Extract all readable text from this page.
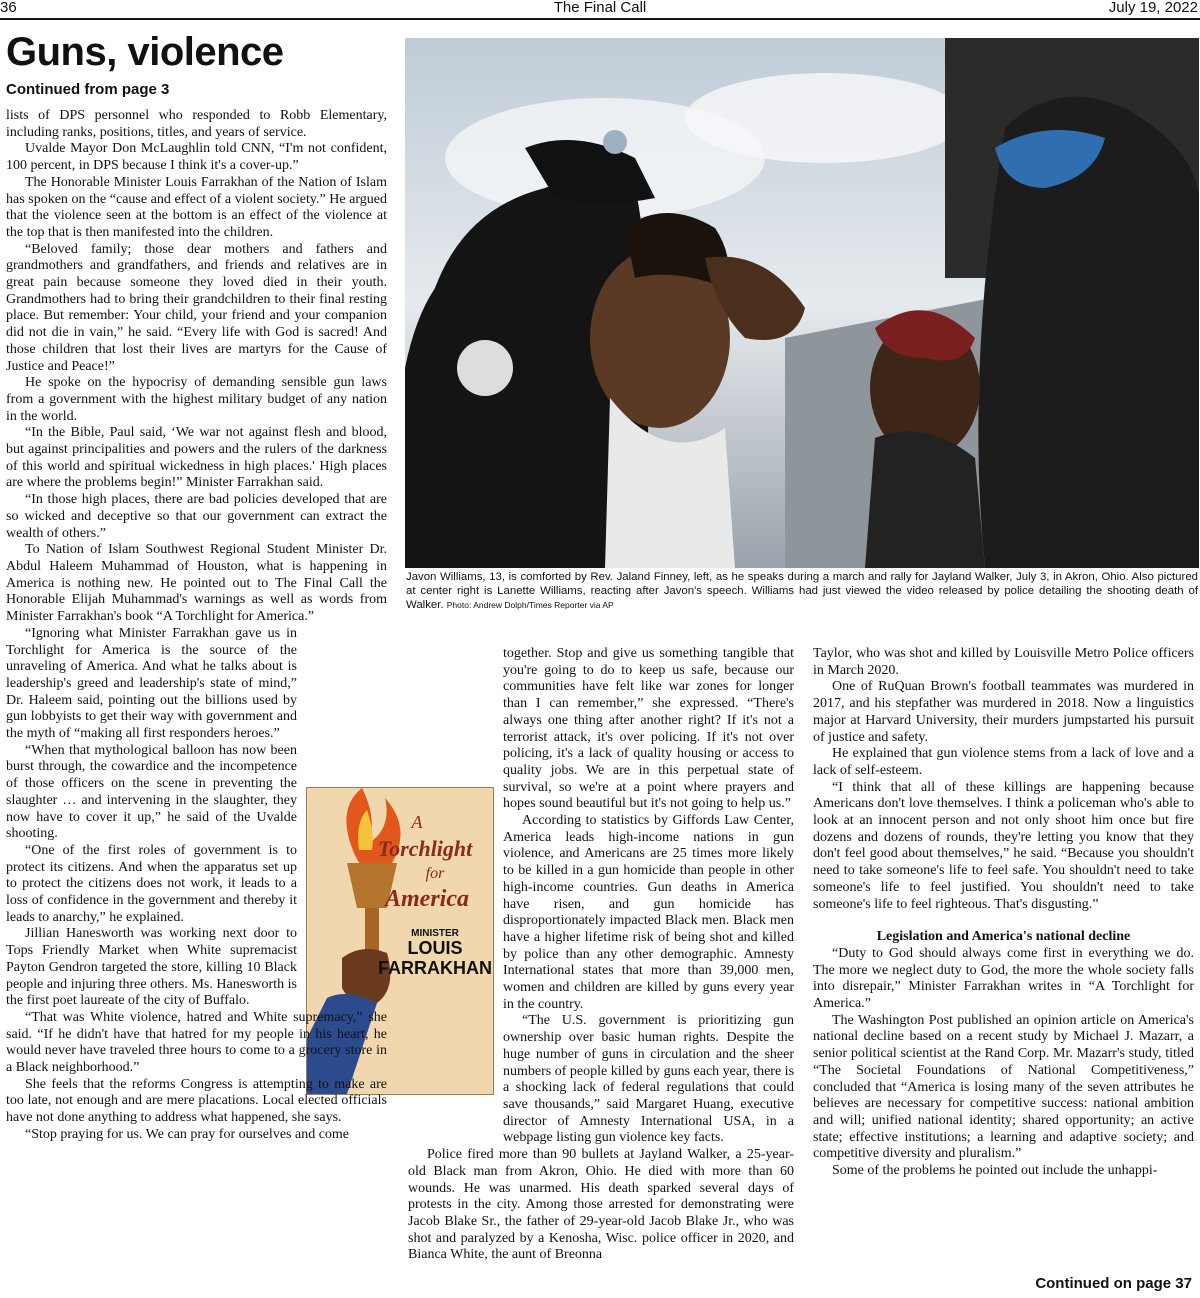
36	The Final Call	July 19, 2022
Guns, violence
Continued from page 3
Javon Williams, 13, is comforted by Rev. Jaland Finney, left, as he speaks during a march and rally for Jayland Walker, July 3, in Akron, Ohio. Also pictured at center right is Lanette Williams, reacting after Javon's speech. Williams had just viewed the video released by police detailing the shooting death of Walker. Photo: Andrew Dolph/Times Reporter via AP
A
Torchlight
for
America
MINISTER
LOUIS
FARRAKHAN

lists of DPS personnel who responded to Robb Elementary, including ranks, positions, titles, and years of service.

Uvalde Mayor Don McLaughlin told CNN, “I'm not confident, 100 percent, in DPS because I think it's a cover-up.”

The Honorable Minister Louis Farrakhan of the Nation of Islam has spoken on the “cause and effect of a violent society.” He argued that the violence seen at the bottom is an effect of the violence at the top that is then manifested into the children.

“Beloved family; those dear mothers and fathers and grandmothers and grandfathers, and friends and relatives are in great pain because someone they loved died in their youth. Grandmothers had to bring their grandchildren to their final resting place. But remember: Your child, your friend and your companion did not die in vain,” he said. “Every life with God is sacred! And those children that lost their lives are martyrs for the Cause of Justice and Peace!”

He spoke on the hypocrisy of demanding sensible gun laws from a government with the highest military budget of any nation in the world.

“In the Bible, Paul said, ‘We war not against flesh and blood, but against principalities and powers and the rulers of the darkness of this world and spiritual wickedness in high places.' High places are where the problems begin!” Minister Farrakhan said.

“In those high places, there are bad policies developed that are so wicked and deceptive so that our government can extract the wealth of others.”

To Nation of Islam Southwest Regional Student Minister Dr. Abdul Haleem Muhammad of Houston, what is happening in America is nothing new. He pointed out to The Final Call the Honorable Elijah Muhammad's warnings as well as words from Minister Farrakhan's book “A Torchlight for America.”

“Ignoring what Minister Farrakhan gave us in Torchlight for America is the source of the unraveling of America. And what he talks about is leadership's greed and leadership's state of mind,” Dr. Haleem said, pointing out the billions used by gun lobbyists to get their way with government and the myth of “making all first responders heroes.”

“When that mythological balloon has now been burst through, the cowardice and the incompetence of those officers on the scene in preventing the slaughter … and intervening in the slaughter, they now have to cover it up,” he said of the Uvalde shooting.

“One of the first roles of government is to protect its citizens. And when the apparatus set up to protect the citizens does not work, it leads to a loss of confidence in the government and thereby it leads to anarchy,” he explained.

Jillian Hanesworth was working next door to Tops Friendly Market when White supremacist Payton Gendron targeted the store, killing 10 Black people and injuring three others. Ms. Hanesworth is the first poet laureate of the city of Buffalo.

“That was White violence, hatred and White supremacy,” she said. “If he didn't have that hatred for my people in his heart, he would never have traveled three hours to come to a grocery store in a Black neighborhood.”

She feels that the reforms Congress is attempting to make are too late, not enough and are mere placations. Local elected officials have not done anything to address what happened, she says.

“Stop praying for us. We can pray for ourselves and come

together. Stop and give us something tangible that you're going to do to keep us safe, because our communities have felt like war zones for longer than I can remember,” she expressed. “There's always one thing after another right? If it's not a terrorist attack, it's over policing. If it's not over policing, it's a lack of quality housing or access to quality jobs. We are in this perpetual state of survival, so we're at a point where prayers and hopes sound beautiful but it's not going to help us.”

According to statistics by Giffords Law Center, America leads high-income nations in gun violence, and Americans are 25 times more likely to be killed in a gun homicide than people in other high-income countries. Gun deaths in America have risen, and gun homicide has disproportionately impacted Black men. Black men have a higher lifetime risk of being shot and killed by police than any other demographic. Amnesty International states that more than 39,000 men, women and children are killed by guns every year in the country.

“The U.S. government is prioritizing gun ownership over basic human rights. Despite the huge number of guns in circulation and the sheer numbers of people killed by guns each year, there is a shocking lack of federal regulations that could save thousands,” said Margaret Huang, executive director of Amnesty International USA, in a webpage listing gun violence key facts.

Police fired more than 90 bullets at Jayland Walker, a 25-year-old Black man from Akron, Ohio. He died with more than 60 wounds. He was unarmed. His death sparked several days of protests in the city. Among those arrested for demonstrating were Jacob Blake Sr., the father of 29-year-old Jacob Blake Jr., who was shot and paralyzed by a Kenosha, Wisc. police officer in 2020, and Bianca White, the aunt of Breonna

Taylor, who was shot and killed by Louisville Metro Police officers in March 2020.

One of RuQuan Brown's football teammates was murdered in 2017, and his stepfather was murdered in 2018. Now a linguistics major at Harvard University, their murders jumpstarted his pursuit of justice and safety.

He explained that gun violence stems from a lack of love and a lack of self-esteem.

“I think that all of these killings are happening because Americans don't love themselves. I think a policeman who's able to look at an innocent person and not only shoot him once but fire dozens and dozens of rounds, they're letting you know that they don't feel good about themselves,” he said. “Because you shouldn't need to take someone's life to feel safe. You shouldn't need to take someone's life to feel justified. You shouldn't need to take someone's life to feel righteous. That's disgusting.”

Legislation and America's national decline

“Duty to God should always come first in everything we do. The more we neglect duty to God, the more the whole society falls into disrepair,” Minister Farrakhan writes in “A Torchlight for America.”

The Washington Post published an opinion article on America's national decline based on a recent study by Michael J. Mazarr, a senior political scientist at the Rand Corp. Mr. Mazarr's study, titled “The Societal Foundations of National Competitiveness,” concluded that “America is losing many of the seven attributes he believes are necessary for competitive success: national ambition and will; unified national identity; shared opportunity; an active state; effective institutions; a learning and adaptive society; and competitive diversity and pluralism.”

Some of the problems he pointed out include the unhappi-

Continued on page 37
